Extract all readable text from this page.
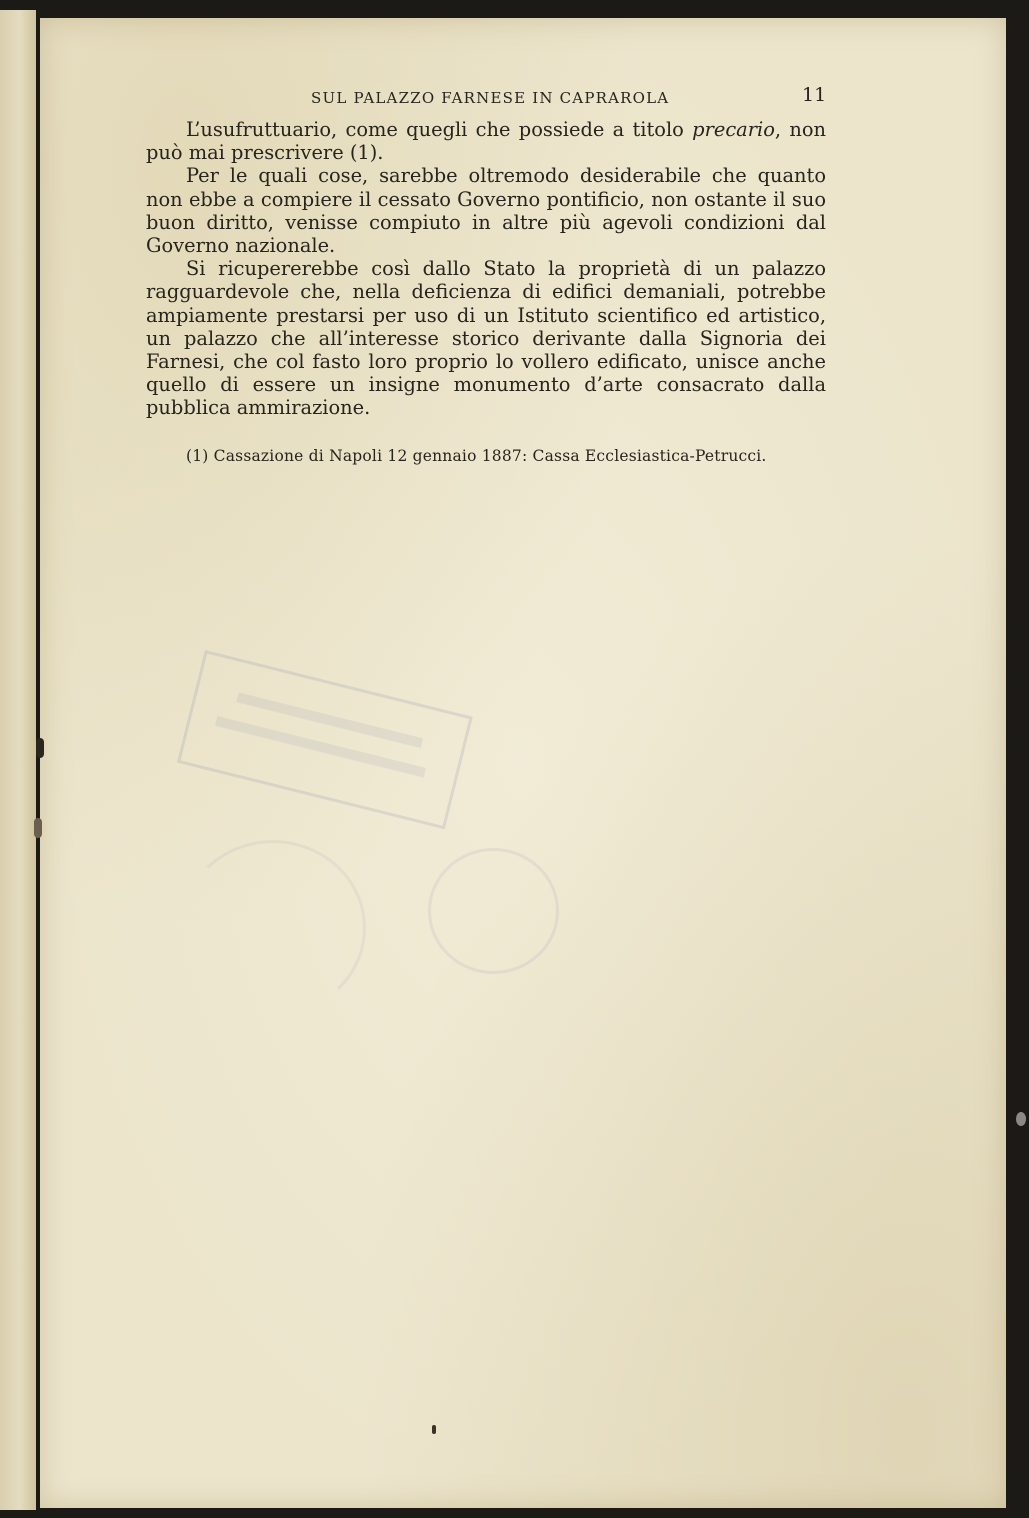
SUL PALAZZO FARNESE IN CAPRAROLA	11

L’usufruttuario, come quegli che possiede a titolo precario, non può mai prescrivere (1).

Per le quali cose, sarebbe oltremodo desiderabile che quanto non ebbe a compiere il cessato Governo pontificio, non ostante il suo buon diritto, venisse compiuto in altre più agevoli condizioni dal Governo nazionale.

Si ricupererebbe così dallo Stato la proprietà di un palazzo ragguardevole che, nella deficienza di edifici demaniali, potrebbe ampiamente prestarsi per uso di un Istituto scientifico ed artistico, un palazzo che all’interesse storico derivante dalla Signoria dei Farnesi, che col fasto loro proprio lo vollero edificato, unisce anche quello di essere un insigne monumento d’arte consacrato dalla pubblica ammirazione.

(1) Cassazione di Napoli 12 gennaio 1887: Cassa Ecclesiastica-Petrucci.
